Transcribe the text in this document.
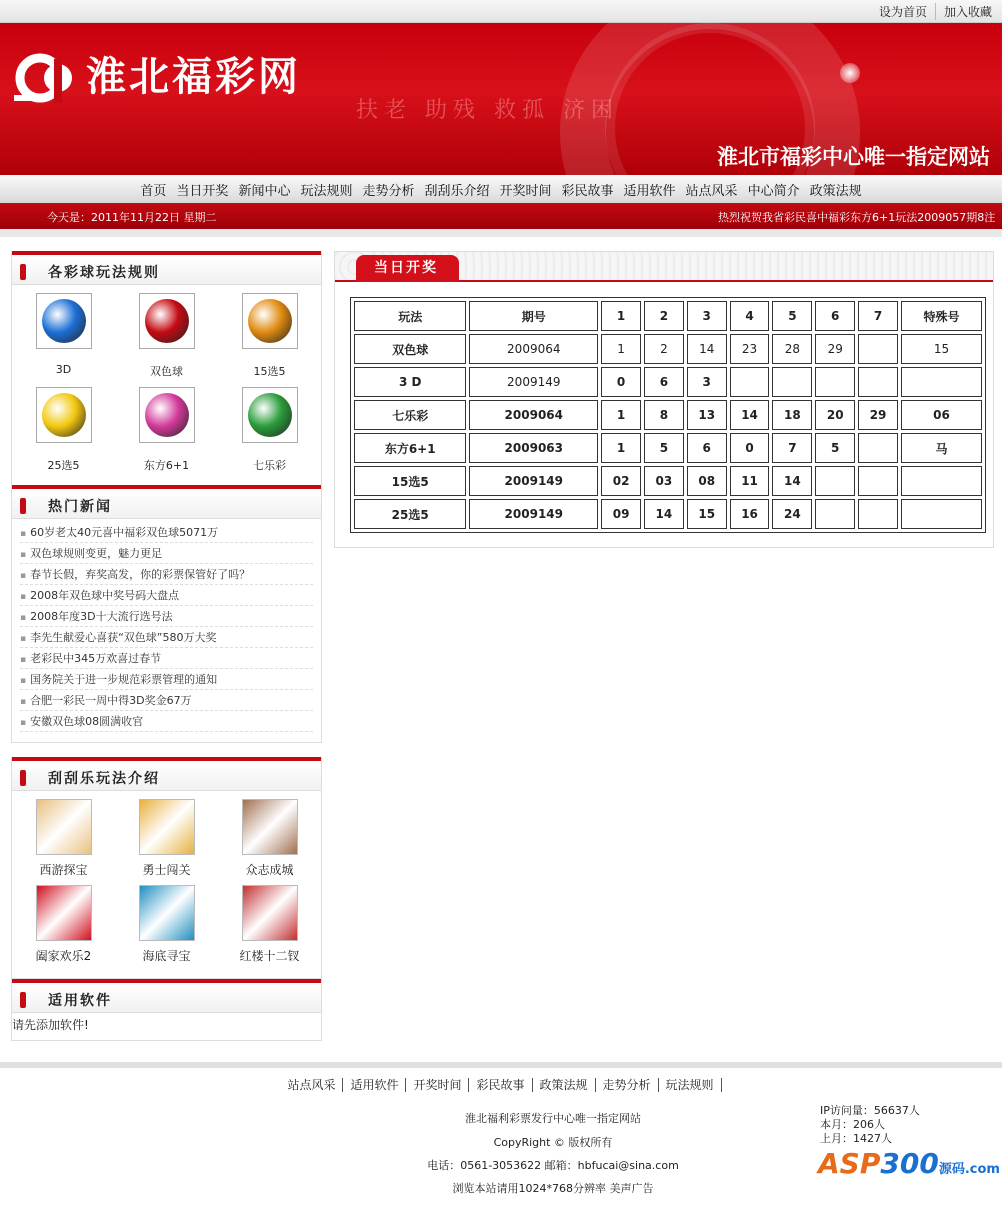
设为首页	加入收藏
淮北福彩网
扶老 助残 救孤 济困
淮北市福彩中心唯一指定网站
首页 当日开奖 新闻中心 玩法规则 走势分析 刮刮乐介绍 开奖时间 彩民故事 适用软件 站点风采 中心简介 政策法规
今天是：2011年11月22日 星期二	热烈祝贺我省彩民喜中福彩东方6+1玩法2009057期8注
各彩球玩法规则
3D	双色球	15选5
25选5	东方6+1	七乐彩
热门新闻
▪ 60岁老太40元喜中福彩双色球5071万
▪ 双色球规则变更，魅力更足
▪ 春节长假，弃奖高发，你的彩票保管好了吗？
▪ 2008年双色球中奖号码大盘点
▪ 2008年度3D十大流行选号法
▪ 李先生献爱心喜获“双色球”580万大奖
▪ 老彩民中345万欢喜过春节
▪ 国务院关于进一步规范彩票管理的通知
▪ 合肥一彩民一周中得3D奖金67万
▪ 安徽双色球08圆满收官
刮刮乐玩法介绍
西游探宝	勇士闯关	众志成城
阖家欢乐2	海底寻宝	红楼十二钗
适用软件
请先添加软件!
当日开奖
玩法	期号	1	2	3	4	5	6	7	特殊号
双色球	2009064	1	2	14	23	28	29		15
3 D	2009149	0	6	3					
七乐彩	2009064	1	8	13	14	18	20	29	06
东方6+1	2009063	1	5	6	0	7	5		马
15选5	2009149	02	03	08	11	14			
25选5	2009149	09	14	15	16	24			
站点风采 适用软件 开奖时间 彩民故事 政策法规 走势分析 玩法规则
淮北福利彩票发行中心唯一指定网站
CopyRight © 版权所有
电话：0561-3053622 邮箱：hbfucai@sina.com
浏览本站请用1024*768分辨率 美声广告
IP访问量：56637人
本月：206人
上月：1427人
ASP300源码.com
